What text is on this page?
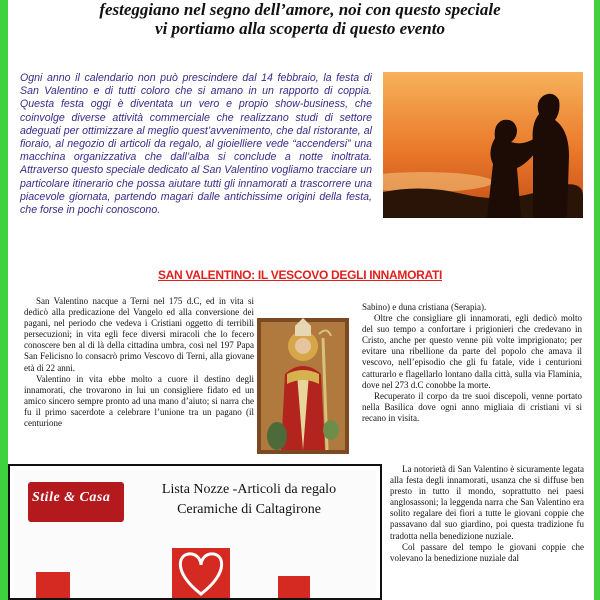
festeggiano nel segno dell’amore, noi con questo speciale
vi portiamo alla scoperta di questo evento

Ogni anno il calendario non può prescindere dal 14 febbraio, la festa di San Valentino e di tutti coloro che si amano in un rapporto di coppia. Questa festa oggi è diventata un vero e propio show-business, che coinvolge diverse attività commerciale che realizzano studi di settore adeguati per ottimizzare al meglio quest’avvenimento, che dal ristorante, al fioraio, al negozio di articoli da regalo, al gioielliere vede “accendersi” una macchina organizzativa che dall’alba si conclude a notte inoltrata. Attraverso questo speciale dedicato al San Valentino vogliamo tracciare un particolare itinerario che possa aiutare tutti gli innamorati a trascorrere una piacevole giornata, partendo magari dalle antichissime origini della festa, che forse in pochi conoscono.

SAN VALENTINO: IL VESCOVO DEGLI INNAMORATI

San Valentino nacque a Terni nel 175 d.C, ed in vita si dedicò alla predicazione del Vangelo ed alla conversione dei pagani, nel periodo che vedeva i Cristiani oggetto di terribili persecuzioni; in vita egli fece diversi miracoli che lo fecero conoscere ben al di là della cittadina umbra, così nel 197 Papa San Felicisno lo consacrò primo Vescovo di Terni, alla giovane età di 22 anni.

Valentino in vita ebbe molto a cuore il destino degli innamorati, che trovarono in lui un consigliere fidato ed un amico sincero sempre pronto ad una mano d’aiuto; si narra che fu il primo sacerdote a celebrare l’unione tra un pagano (il centurione

Sabino) e duna cristiana (Serapia).

Oltre che consigliare gli innamorati, egli dedicò molto del suo tempo a confortare i prigionieri che credevano in Cristo, anche per questo venne più volte imprigionato; per evitare una ribellione da parte del popolo che amava il vescovo, nell’episodio che gli fu fatale, vide i centurioni catturarlo e flagellarlo lontano dalla città, sulla via Flaminia, dove nel 273 d.C conobbe la morte.

Recuperato il corpo da tre suoi discepoli, venne portato nella Basilica dove ogni anno migliaia di cristiani vi si recano in visita.

La notorietà di San Valentino è sicuramente legata alla festa degli innamorati, usanza che si diffuse ben presto in tutto il mondo, soprattutto nei paesi anglosassoni; la leggenda narra che San Valentino era solito regalare dei fiori a tutte le giovani coppie che passavano dal suo giardino, poi questa tradizione fu tradotta nella benedizione nuziale.

Col passare del tempo le giovani coppie che volevano la benedizione nuziale dal

Stile & Casa
Lista Nozze -Articoli da regalo
Ceramiche di Caltagirone
